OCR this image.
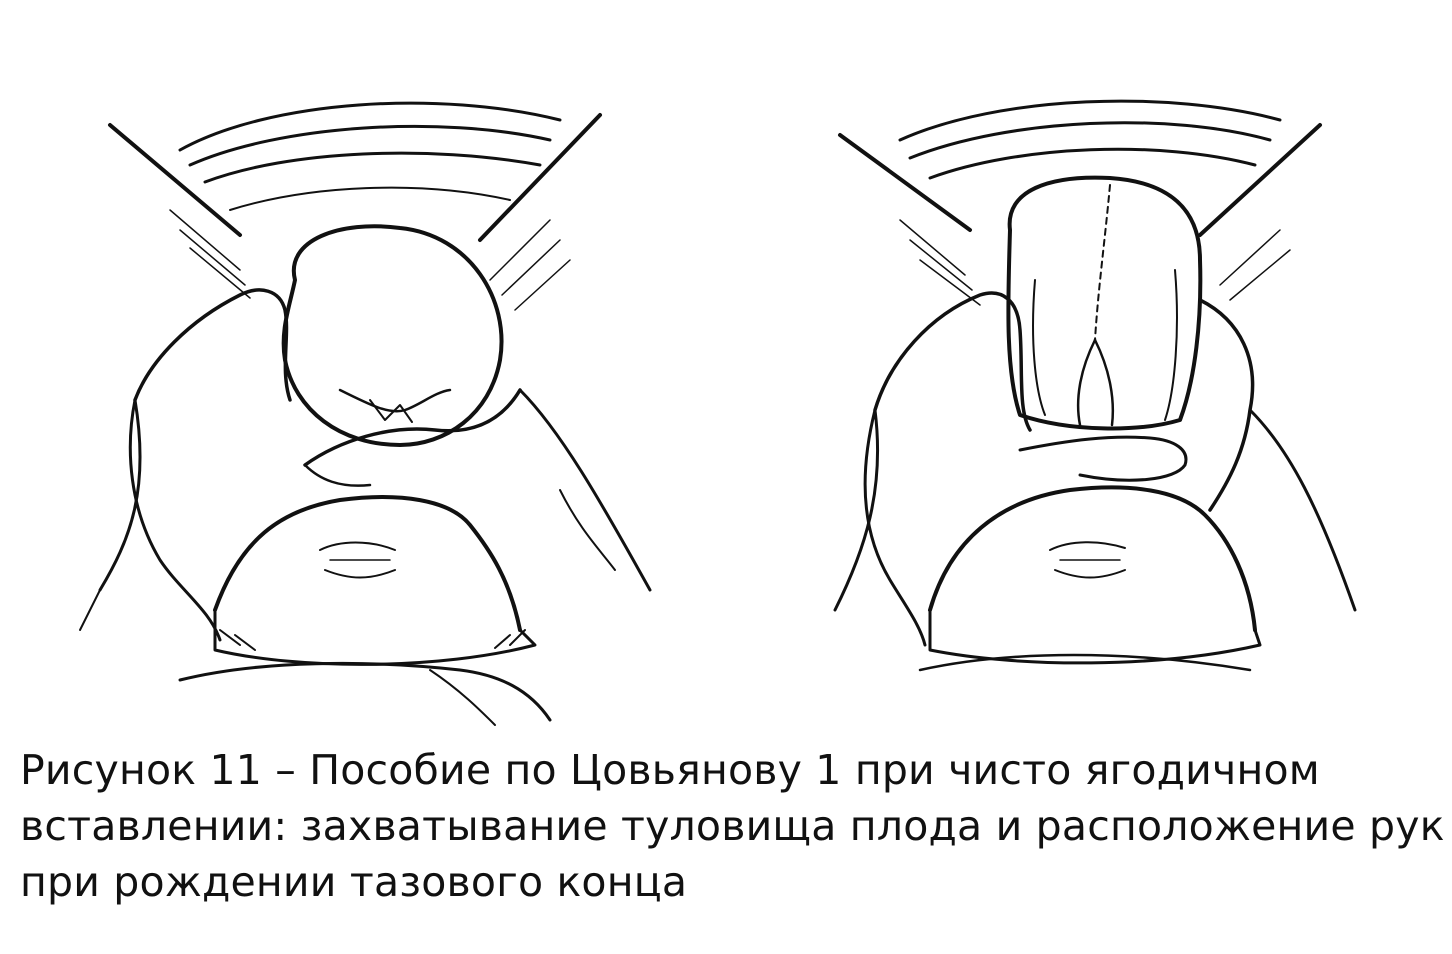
Рисунок 11 – Пособие по Цовьянову 1 при чисто ягодичном
вставлении: захватывание туловища плода и расположение рук
при рождении тазового конца
